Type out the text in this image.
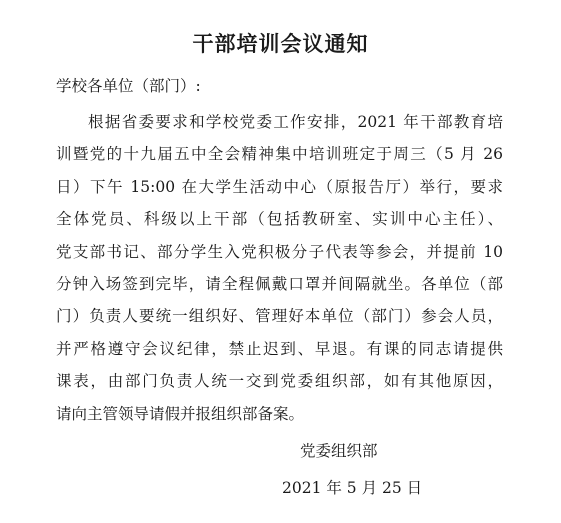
干部培训会议通知

学校各单位（部门）:

根据省委要求和学校党委工作安排，2021 年干部教育培
训暨党的十九届五中全会精神集中培训班定于周三（5 月 26
日）下午 15:00 在大学生活动中心（原报告厅）举行，要求
全体党员、科级以上干部（包括教研室、实训中心主任）、
党支部书记、部分学生入党积极分子代表等参会，并提前 10
分钟入场签到完毕，请全程佩戴口罩并间隔就坐。各单位（部
门）负责人要统一组织好、管理好本单位（部门）参会人员，
并严格遵守会议纪律，禁止迟到、早退。有课的同志请提供
课表，由部门负责人统一交到党委组织部，如有其他原因，
请向主管领导请假并报组织部备案。

党委组织部

2021 年 5 月 25 日
